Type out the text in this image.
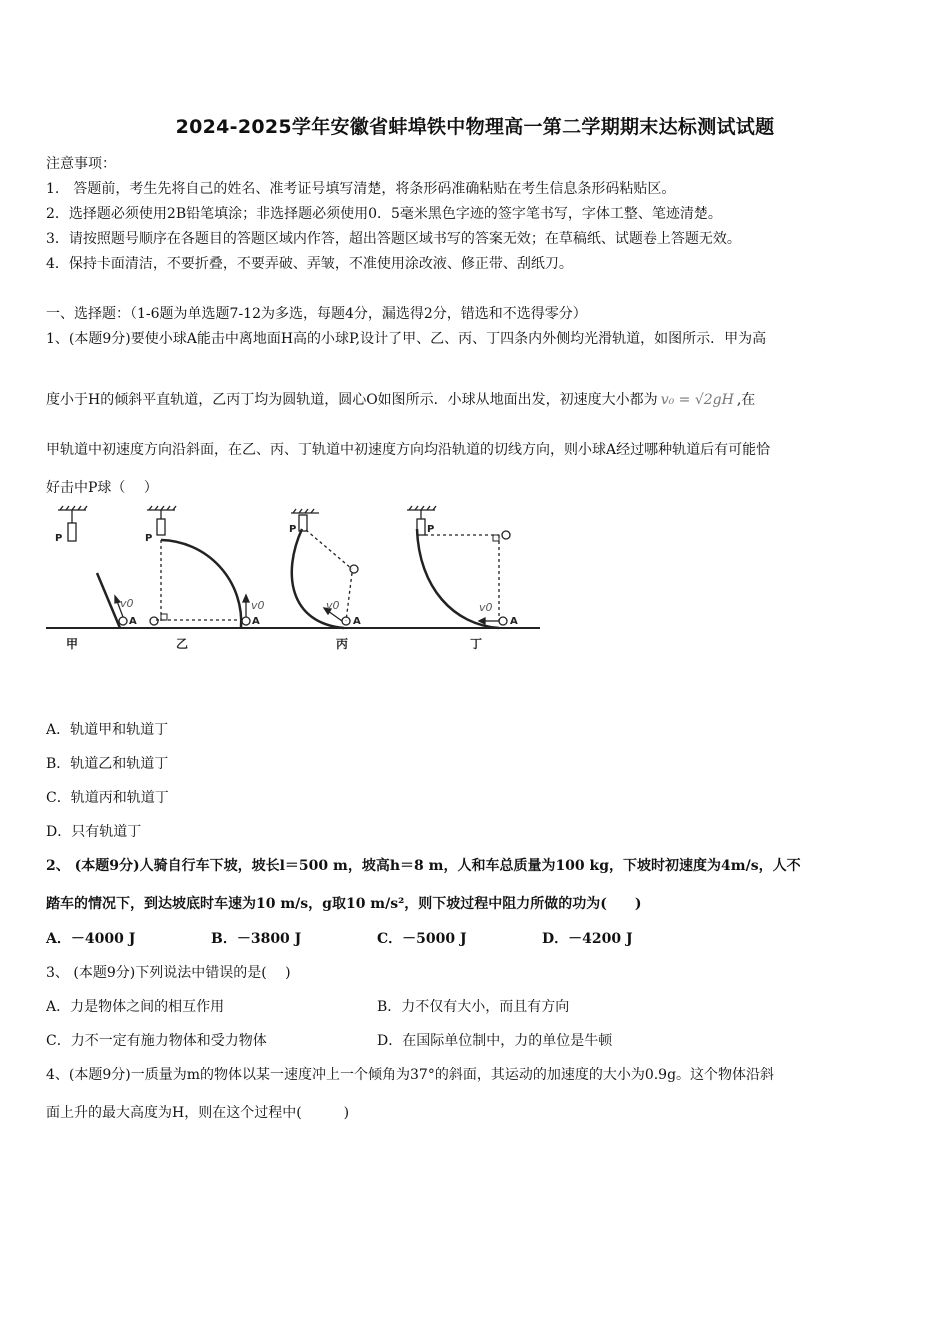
2024-2025学年安徽省蚌埠铁中物理高一第二学期期末达标测试试题
注意事项：
1.　答题前，考生先将自己的姓名、准考证号填写清楚，将条形码准确粘贴在考生信息条形码粘贴区。
2．选择题必须使用2B铅笔填涂；非选择题必须使用0．5毫米黑色字迹的签字笔书写，字体工整、笔迹清楚。
3．请按照题号顺序在各题目的答题区域内作答，超出答题区域书写的答案无效；在草稿纸、试题卷上答题无效。
4．保持卡面清洁，不要折叠，不要弄破、弄皱，不准使用涂改液、修正带、刮纸刀。
一、选择题：（1-6题为单选题7-12为多选，每题4分，漏选得2分，错选和不选得零分）
1、(本题9分)要使小球A能击中离地面H高的小球P,设计了甲、乙、丙、丁四条内外侧均光滑轨道，如图所示．甲为高
度小于H的倾斜平直轨道，乙丙丁均为圆轨道，圆心O如图所示．小球从地面出发，初速度大小都为 v₀ = √2gH ,在
甲轨道中初速度方向沿斜面，在乙、丙、丁轨道中初速度方向均沿轨道的切线方向，则小球A经过哪种轨道后有可能恰
好击中P球（　 ）
P	P
P	P
A	A	A	A
v0	v0	v0	v0
甲	乙	丙	丁
A．轨道甲和轨道丁
B．轨道乙和轨道丁
C．轨道丙和轨道丁
D．只有轨道丁
2、 (本题9分)人骑自行车下坡，坡长l＝500 m，坡高h＝8 m，人和车总质量为100 kg，下坡时初速度为4m/s，人不
踏车的情况下，到达坡底时车速为10 m/s，g取10 m/s²，则下坡过程中阻力所做的功为(　　)
A．－4000 J	B．－3800 J	C．－5000 J	D．－4200 J
3、 (本题9分)下列说法中错误的是(　 )
A．力是物体之间的相互作用	B．力不仅有大小，而且有方向
C．力不一定有施力物体和受力物体	D．在国际单位制中，力的单位是牛顿
4、(本题9分)一质量为m的物体以某一速度冲上一个倾角为37°的斜面，其运动的加速度的大小为0.9g。这个物体沿斜
面上升的最大高度为H，则在这个过程中(　　　)
